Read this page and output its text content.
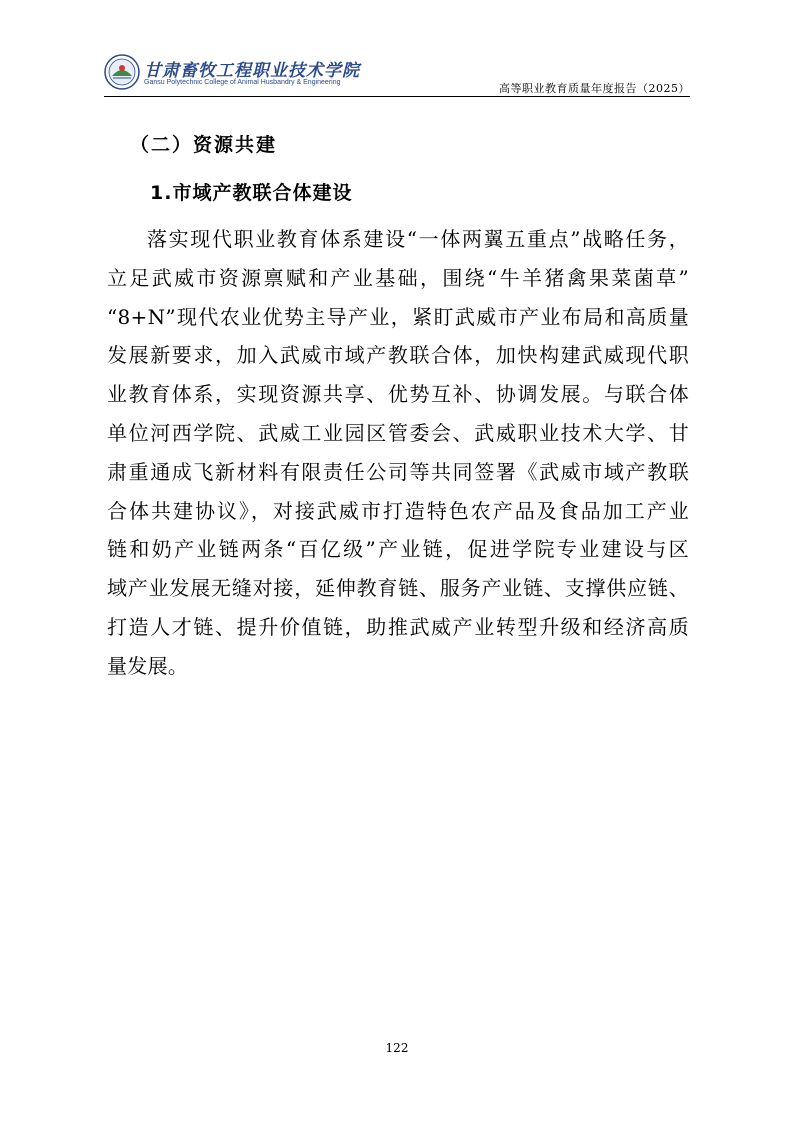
甘肃畜牧工程职业技术学院
Gansu Polytechnic College of Animal Husbandry & Engineering	高等职业教育质量年度报告（2025）
（二）资源共建
1.市域产教联合体建设
落实现代职业教育体系建设“一体两翼五重点”战略任务，
立足武威市资源禀赋和产业基础，围绕“牛羊猪禽果菜菌草”
“8+N”现代农业优势主导产业，紧盯武威市产业布局和高质量
发展新要求，加入武威市域产教联合体，加快构建武威现代职
业教育体系，实现资源共享、优势互补、协调发展。与联合体
单位河西学院、武威工业园区管委会、武威职业技术大学、甘
肃重通成飞新材料有限责任公司等共同签署《武威市域产教联
合体共建协议》，对接武威市打造特色农产品及食品加工产业
链和奶产业链两条“百亿级”产业链，促进学院专业建设与区
域产业发展无缝对接，延伸教育链、服务产业链、支撑供应链、
打造人才链、提升价值链，助推武威产业转型升级和经济高质
量发展。
122
